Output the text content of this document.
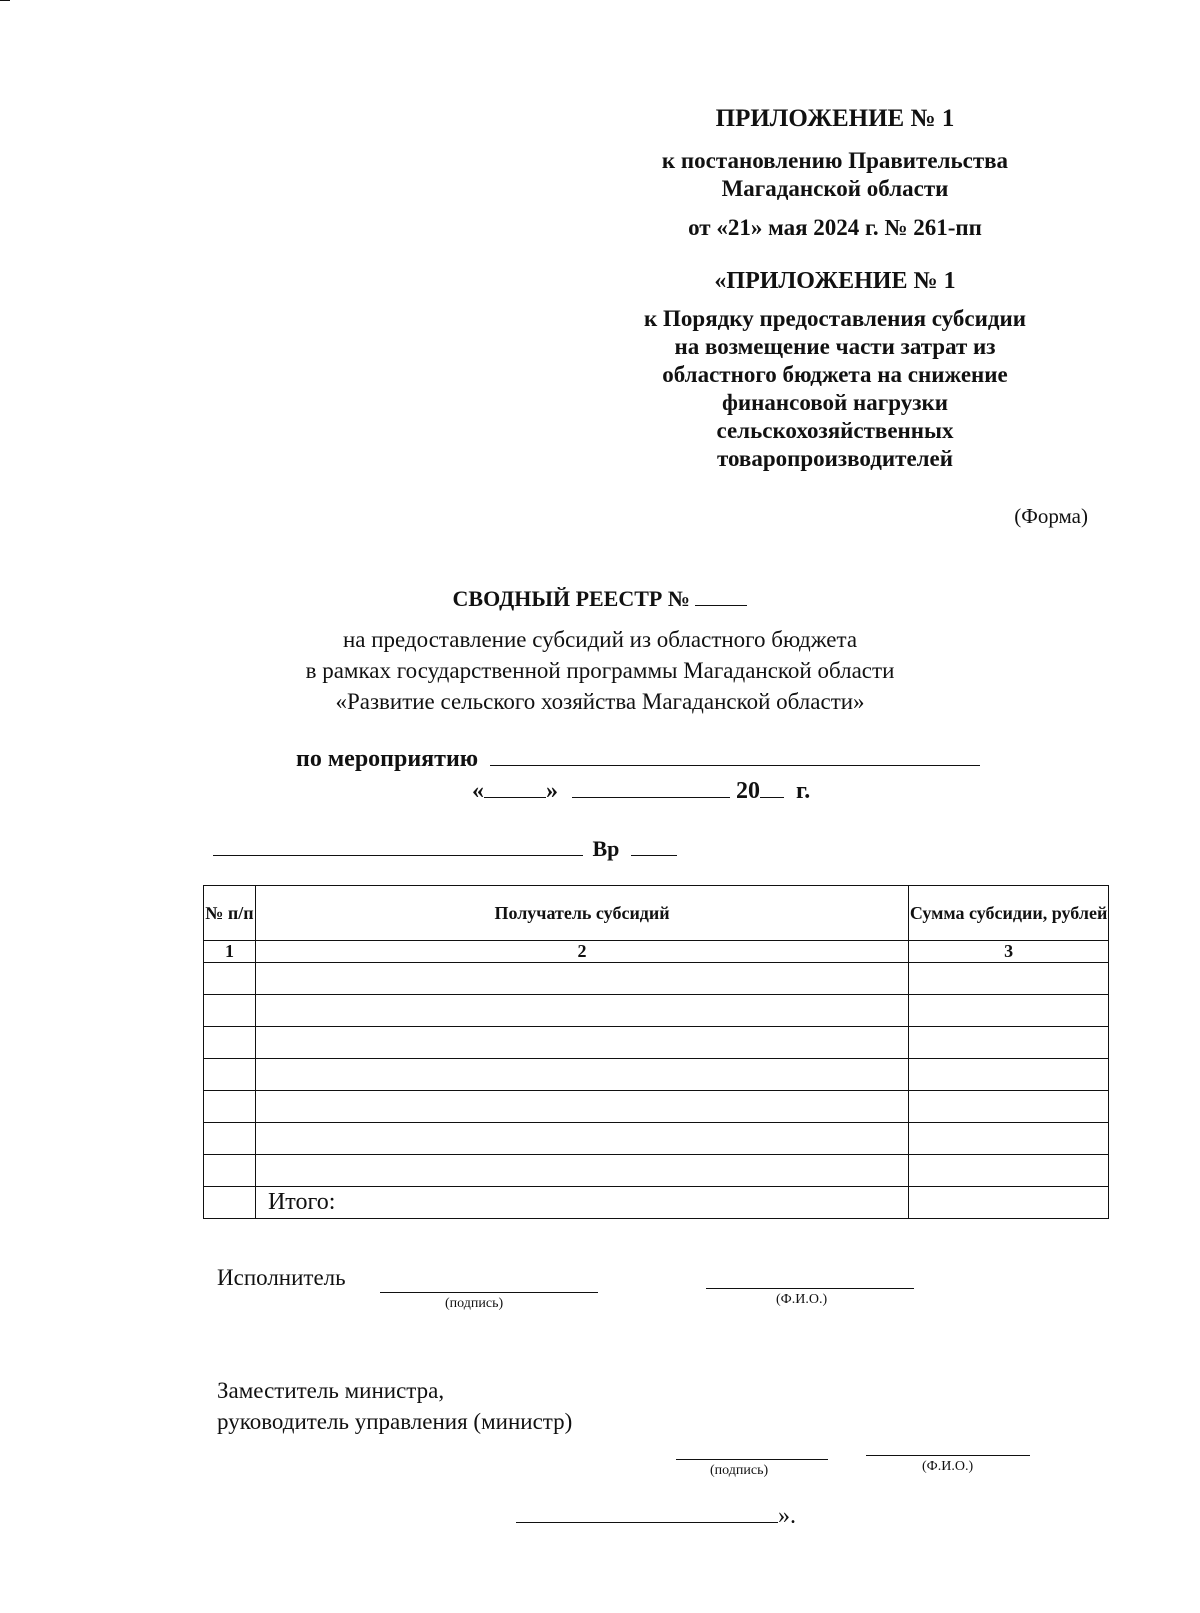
ПРИЛОЖЕНИЕ № 1
к постановлению Правительства
Магаданской области
от «21» мая 2024 г. № 261-пп
«ПРИЛОЖЕНИЕ № 1
к Порядку предоставления субсидии
на возмещение части затрат из
областного бюджета на снижение
финансовой нагрузки
сельскохозяйственных
товаропроизводителей
(Форма)
СВОДНЫЙ РЕЕСТР №
на предоставление субсидий из областного бюджета
в рамках государственной программы Магаданской области
«Развитие сельского хозяйства Магаданской области»
по мероприятию
«	»	20 г.
Вр
№ п/п	Получатель субсидий	Сумма субсидии, рублей
1	2	3

	Итого:	
Исполнитель
(подпись)	(Ф.И.О.)
Заместитель министра,
руководитель управления (министр)
(подпись)	(Ф.И.О.)
».
